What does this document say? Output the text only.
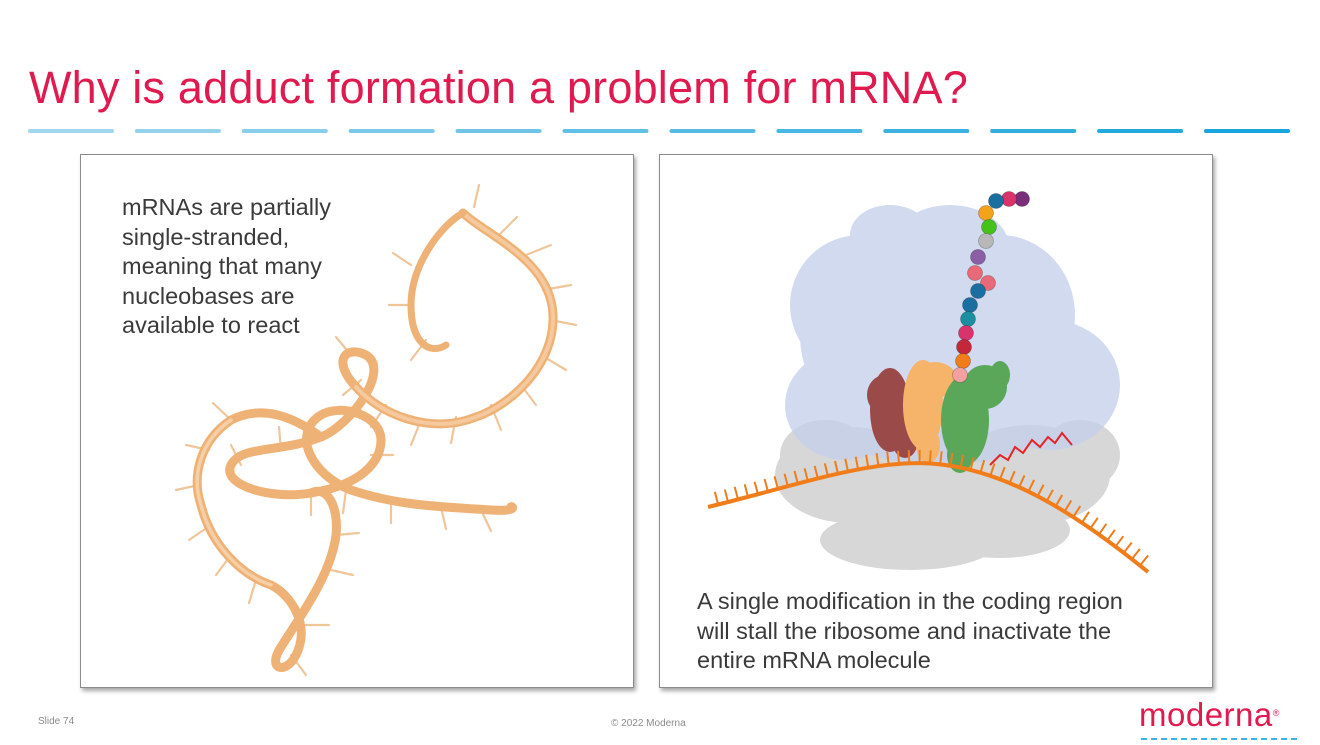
Why is adduct formation a problem for mRNA?
mRNAs are partially
single-stranded,
meaning that many
nucleobases are
available to react
A single modification in the coding region
will stall the ribosome and inactivate the
entire mRNA molecule
Slide 74	© 2022 Moderna	moderna®
